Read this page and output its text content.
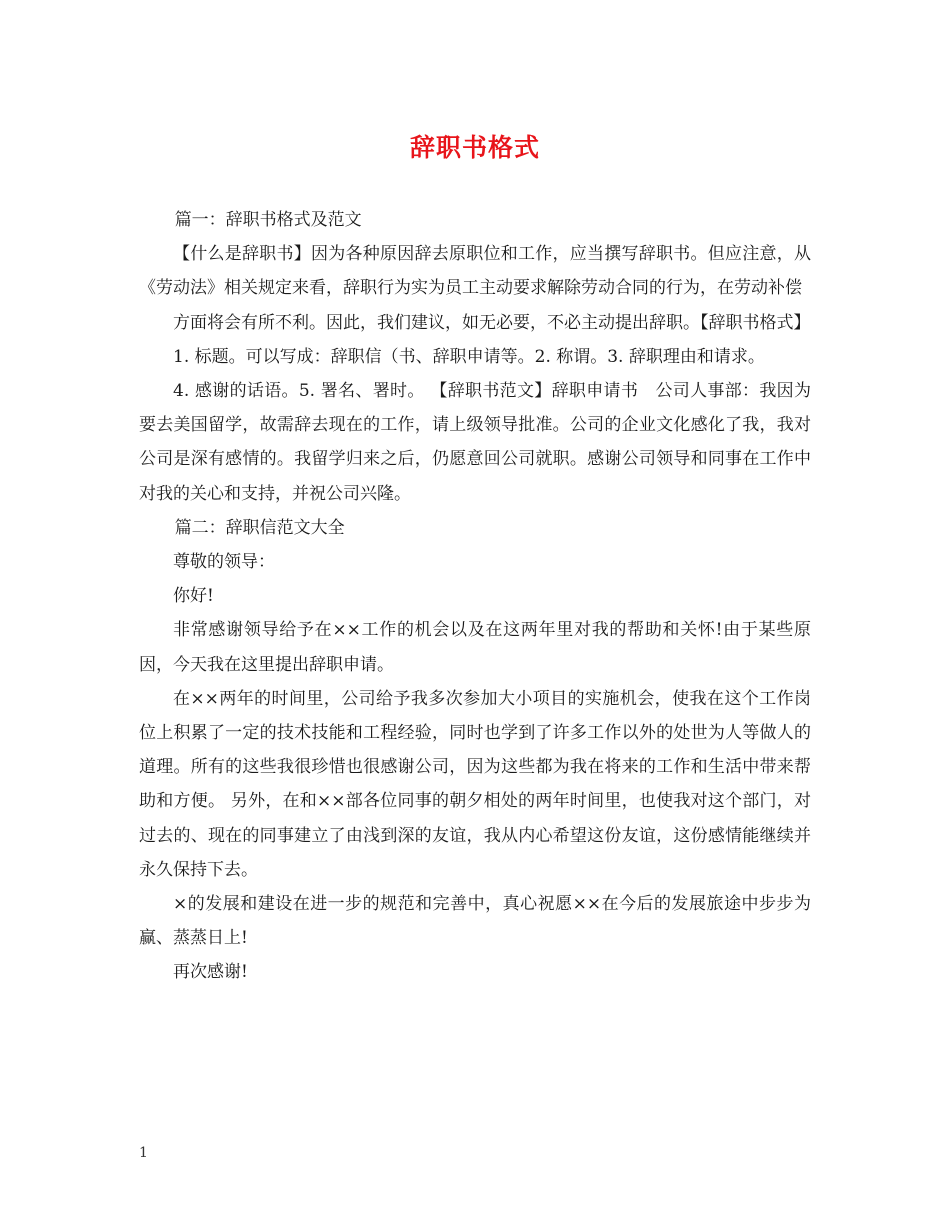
辞职书格式

篇一：辞职书格式及范文

【什么是辞职书】因为各种原因辞去原职位和工作，应当撰写辞职书。但应注意，从《劳动法》相关规定来看，辞职行为实为员工主动要求解除劳动合同的行为，在劳动补偿

方面将会有所不利。因此，我们建议，如无必要，不必主动提出辞职。【辞职书格式】

1. 标题。可以写成：辞职信（书、辞职申请等。2. 称谓。3. 辞职理由和请求。

4. 感谢的话语。5. 署名、署时。 【辞职书范文】辞职申请书　公司人事部：我因为要去美国留学，故需辞去现在的工作，请上级领导批准。公司的企业文化感化了我，我对公司是深有感情的。我留学归来之后，仍愿意回公司就职。感谢公司领导和同事在工作中对我的关心和支持，并祝公司兴隆。

篇二：辞职信范文大全

尊敬的领导：

你好!

非常感谢领导给予在××工作的机会以及在这两年里对我的帮助和关怀!由于某些原因，今天我在这里提出辞职申请。

在××两年的时间里，公司给予我多次参加大小项目的实施机会，使我在这个工作岗位上积累了一定的技术技能和工程经验，同时也学到了许多工作以外的处世为人等做人的道理。所有的这些我很珍惜也很感谢公司，因为这些都为我在将来的工作和生活中带来帮助和方便。 另外，在和××部各位同事的朝夕相处的两年时间里，也使我对这个部门，对过去的、现在的同事建立了由浅到深的友谊，我从内心希望这份友谊，这份感情能继续并永久保持下去。

×的发展和建设在进一步的规范和完善中，真心祝愿××在今后的发展旅途中步步为赢、蒸蒸日上!

再次感谢!

1
